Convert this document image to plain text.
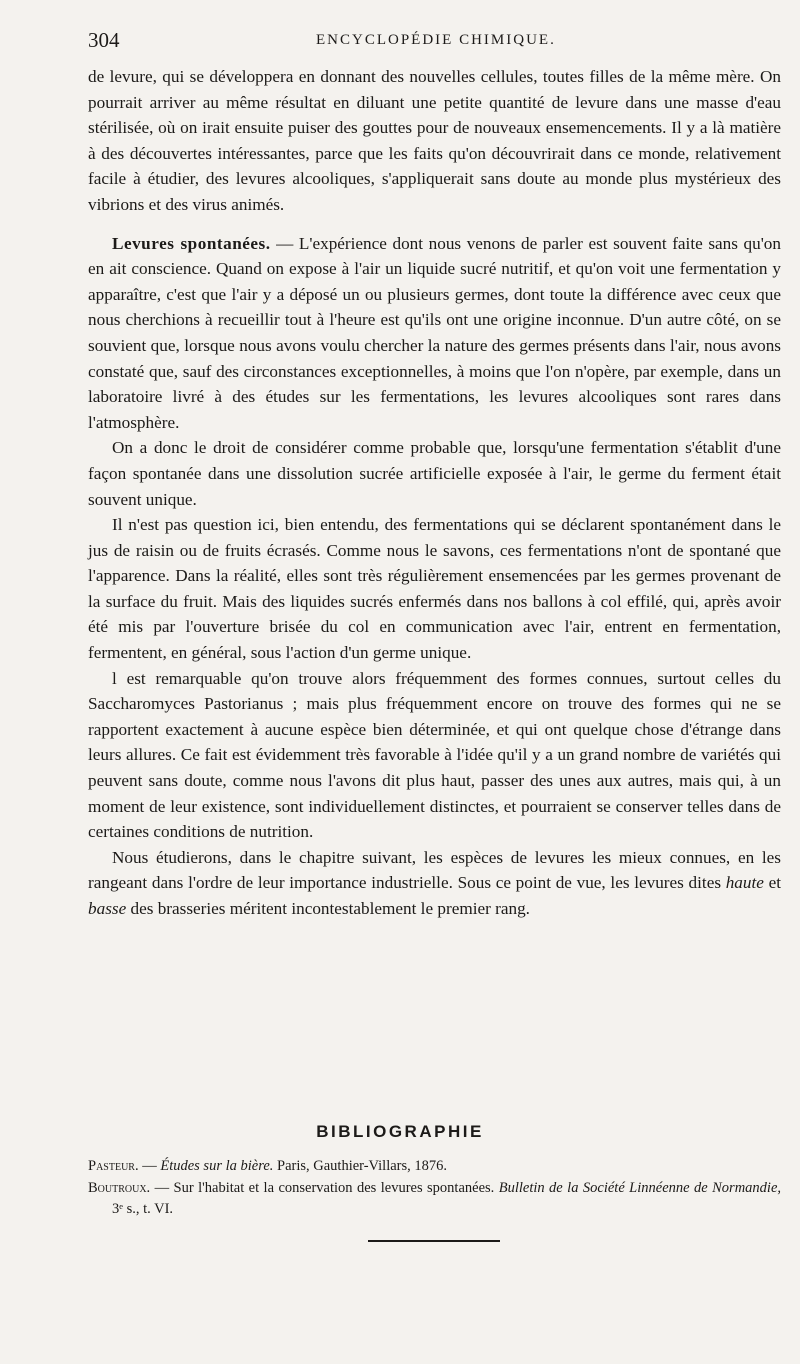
304	ENCYCLOPÉDIE CHIMIQUE.

de levure, qui se développera en donnant des nouvelles cellules, toutes filles de la même mère. On pourrait arriver au même résultat en diluant une petite quantité de levure dans une masse d'eau stérilisée, où on irait ensuite puiser des gouttes pour de nouveaux ensemencements. Il y a là matière à des découvertes intéressantes, parce que les faits qu'on découvrirait dans ce monde, relativement facile à étudier, des levures alcooliques, s'appliquerait sans doute au monde plus mystérieux des vibrions et des virus animés.

Levures spontanées. — L'expérience dont nous venons de parler est souvent faite sans qu'on en ait conscience. Quand on expose à l'air un liquide sucré nutritif, et qu'on voit une fermentation y apparaître, c'est que l'air y a déposé un ou plusieurs germes, dont toute la différence avec ceux que nous cherchions à recueillir tout à l'heure est qu'ils ont une origine inconnue. D'un autre côté, on se souvient que, lorsque nous avons voulu chercher la nature des germes présents dans l'air, nous avons constaté que, sauf des circonstances exceptionnelles, à moins que l'on n'opère, par exemple, dans un laboratoire livré à des études sur les fermentations, les levures alcooliques sont rares dans l'atmosphère.

On a donc le droit de considérer comme probable que, lorsqu'une fermentation s'établit d'une façon spontanée dans une dissolution sucrée artificielle exposée à l'air, le germe du ferment était souvent unique.

Il n'est pas question ici, bien entendu, des fermentations qui se déclarent spontanément dans le jus de raisin ou de fruits écrasés. Comme nous le savons, ces fermentations n'ont de spontané que l'apparence. Dans la réalité, elles sont très régulièrement ensemencées par les germes provenant de la surface du fruit. Mais des liquides sucrés enfermés dans nos ballons à col effilé, qui, après avoir été mis par l'ouverture brisée du col en communication avec l'air, entrent en fermentation, fermentent, en général, sous l'action d'un germe unique.

l est remarquable qu'on trouve alors fréquemment des formes connues, surtout celles du Saccharomyces Pastorianus ; mais plus fréquemment encore on trouve des formes qui ne se rapportent exactement à aucune espèce bien déterminée, et qui ont quelque chose d'étrange dans leurs allures. Ce fait est évidemment très favorable à l'idée qu'il y a un grand nombre de variétés qui peuvent sans doute, comme nous l'avons dit plus haut, passer des unes aux autres, mais qui, à un moment de leur existence, sont individuellement distinctes, et pourraient se conserver telles dans de certaines conditions de nutrition.

Nous étudierons, dans le chapitre suivant, les espèces de levures les mieux connues, en les rangeant dans l'ordre de leur importance industrielle. Sous ce point de vue, les levures dites haute et basse des brasseries méritent incontestablement le premier rang.

BIBLIOGRAPHIE

Pasteur. — Études sur la bière. Paris, Gauthier-Villars, 1876.

Boutroux. — Sur l'habitat et la conservation des levures spontanées. Bulletin de la Société Linnéenne de Normandie, 3ᵉ s., t. VI.
